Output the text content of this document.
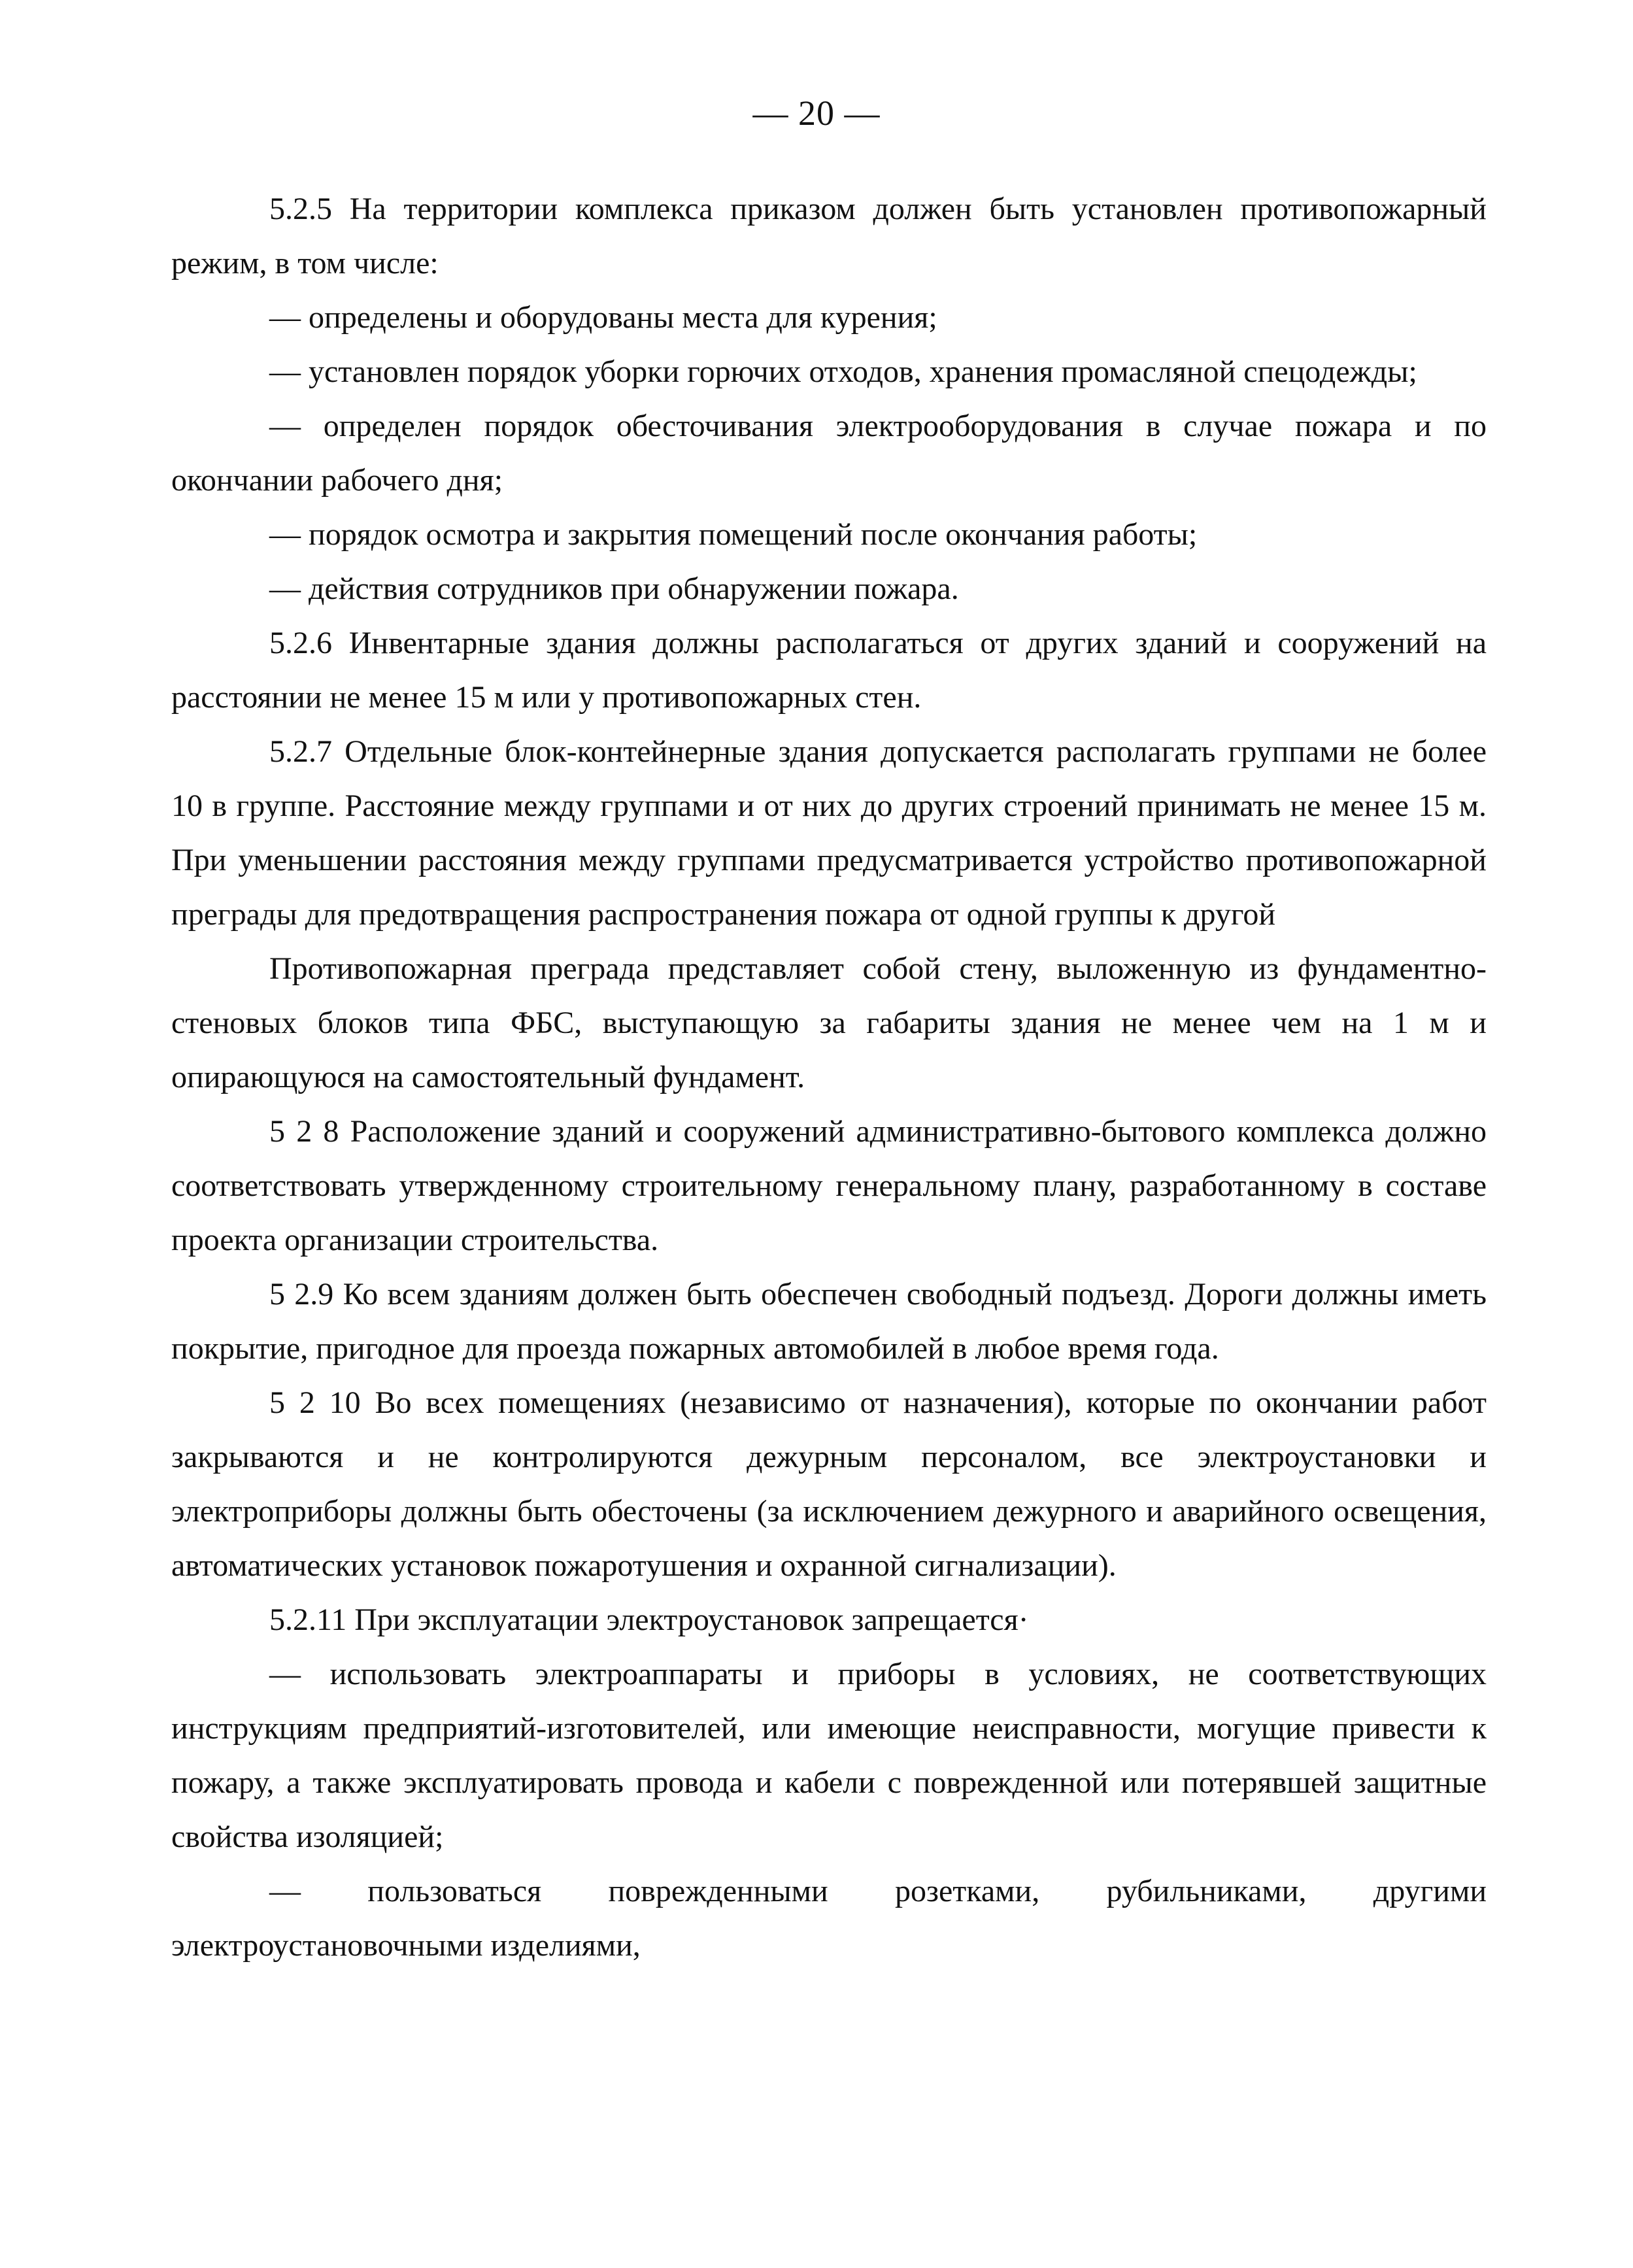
— 20 —

5.2.5 На территории комплекса приказом должен быть установлен противопожарный режим, в том числе:

— определены и оборудованы места для курения;

— установлен порядок уборки горючих отходов, хранения промасляной спецодежды;

— определен порядок обесточивания электрооборудования в случае пожара и по окончании рабочего дня;

— порядок осмотра и закрытия помещений после окончания работы;

— действия сотрудников при обнаружении пожара.

5.2.6 Инвентарные здания должны располагаться от других зданий и сооружений на расстоянии не менее 15 м или у противопожарных стен.

5.2.7 Отдельные блок-контейнерные здания допускается располагать группами не более 10 в группе. Расстояние между группами и от них до других строений принимать не менее 15 м. При уменьшении расстояния между группами предусматривается устройство противопожарной преграды для предотвращения распространения пожара от одной группы к другой

Противопожарная преграда представляет собой стену, выложенную из фундаментно-стеновых блоков типа ФБС, выступающую за габариты здания не менее чем на 1 м и опирающуюся на самостоятельный фундамент.

5 2 8 Расположение зданий и сооружений административно-бытового комплекса должно соответствовать утвержденному строительному генеральному плану, разработанному в составе проекта организации строительства.

5 2.9 Ко всем зданиям должен быть обеспечен свободный подъезд. Дороги должны иметь покрытие, пригодное для проезда пожарных автомобилей в любое время года.

5 2 10 Во всех помещениях (независимо от назначения), которые по окончании работ закрываются и не контролируются дежурным персоналом, все электроустановки и электроприборы должны быть обесточены (за исключением дежурного и аварийного освещения, автоматических установок пожаротушения и охранной сигнализации).

5.2.11 При эксплуатации электроустановок запрещается·

— использовать электроаппараты и приборы в условиях, не соответствующих инструкциям предприятий-изготовителей, или имеющие неисправности, могущие привести к пожару, а также эксплуатировать провода и кабели с поврежденной или потерявшей защитные свойства изоляцией;

— пользоваться поврежденными розетками, рубильниками, другими электроустановочными изделиями,
